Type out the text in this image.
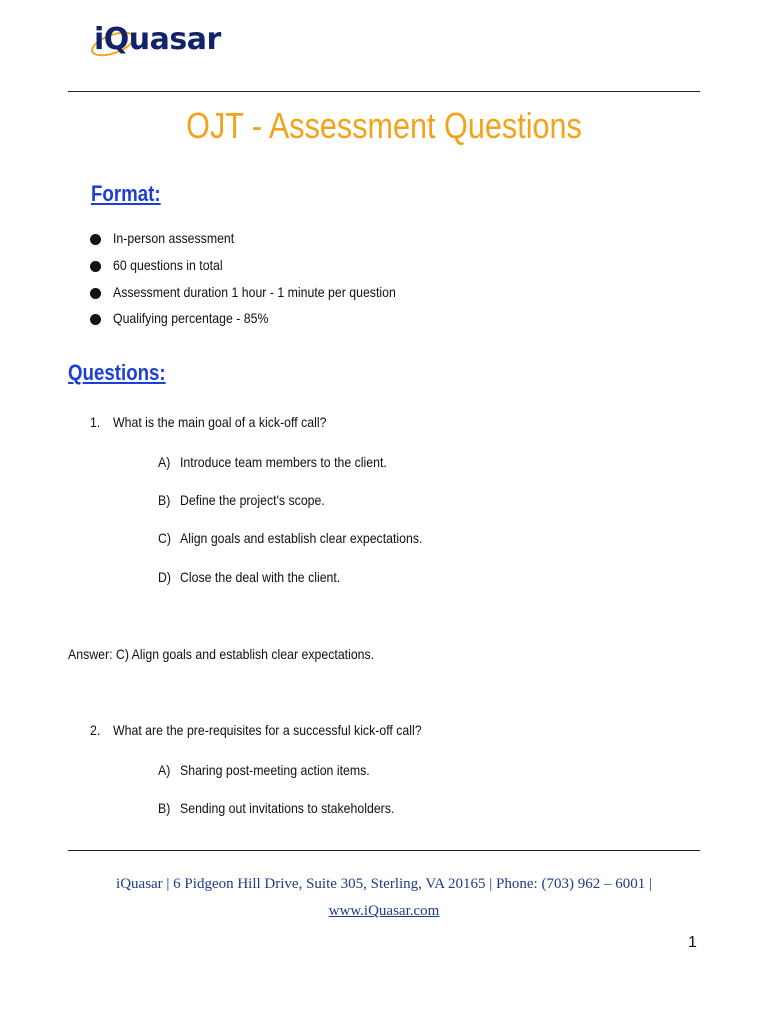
iQuasar
OJT - Assessment Questions
Format:
In-person assessment
60 questions in total
Assessment duration 1 hour - 1 minute per question
Qualifying percentage - 85%
Questions:
1. What is the main goal of a kick-off call?
A) Introduce team members to the client.
B) Define the project's scope.
C) Align goals and establish clear expectations.
D) Close the deal with the client.
Answer: C) Align goals and establish clear expectations.
2. What are the pre-requisites for a successful kick-off call?
A) Sharing post-meeting action items.
B) Sending out invitations to stakeholders.
iQuasar | 6 Pidgeon Hill Drive, Suite 305, Sterling, VA 20165 | Phone: (703) 962 – 6001 |
www.iQuasar.com
1
